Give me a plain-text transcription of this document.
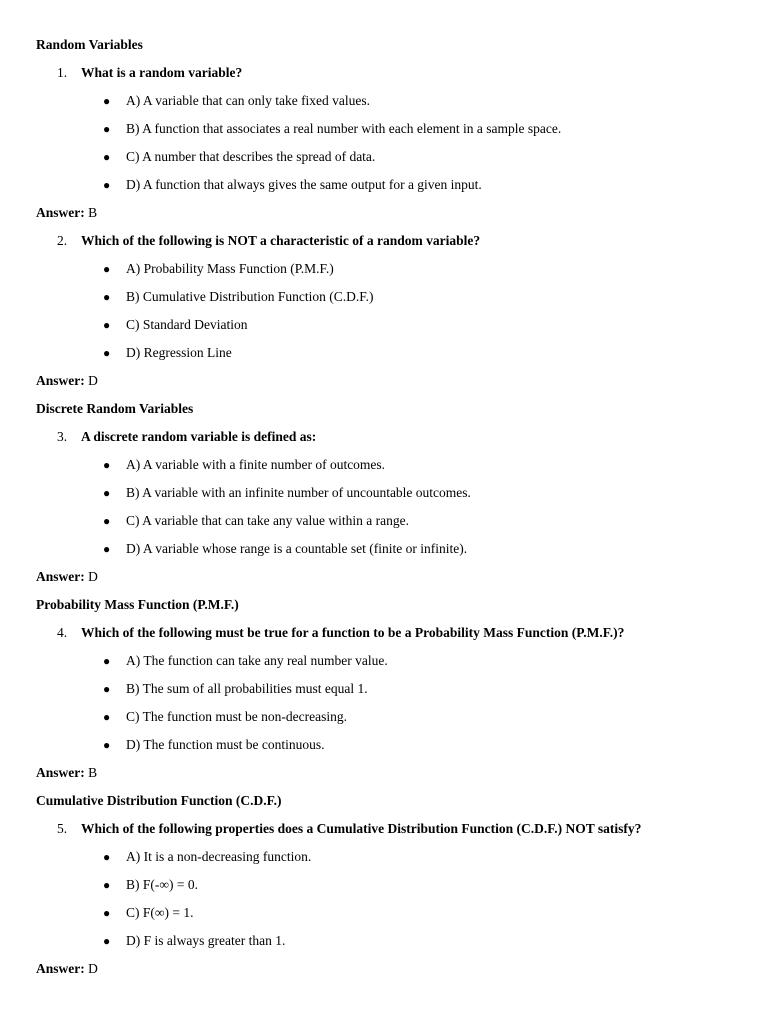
Random Variables
1. What is a random variable?
● A) A variable that can only take fixed values.
● B) A function that associates a real number with each element in a sample space.
● C) A number that describes the spread of data.
● D) A function that always gives the same output for a given input.
Answer: B
2. Which of the following is NOT a characteristic of a random variable?
● A) Probability Mass Function (P.M.F.)
● B) Cumulative Distribution Function (C.D.F.)
● C) Standard Deviation
● D) Regression Line
Answer: D
Discrete Random Variables
3. A discrete random variable is defined as:
● A) A variable with a finite number of outcomes.
● B) A variable with an infinite number of uncountable outcomes.
● C) A variable that can take any value within a range.
● D) A variable whose range is a countable set (finite or infinite).
Answer: D
Probability Mass Function (P.M.F.)
4. Which of the following must be true for a function to be a Probability Mass Function (P.M.F.)?
● A) The function can take any real number value.
● B) The sum of all probabilities must equal 1.
● C) The function must be non-decreasing.
● D) The function must be continuous.
Answer: B
Cumulative Distribution Function (C.D.F.)
5. Which of the following properties does a Cumulative Distribution Function (C.D.F.) NOT satisfy?
● A) It is a non-decreasing function.
● B) F(-∞) = 0.
● C) F(∞) = 1.
● D) F is always greater than 1.
Answer: D
